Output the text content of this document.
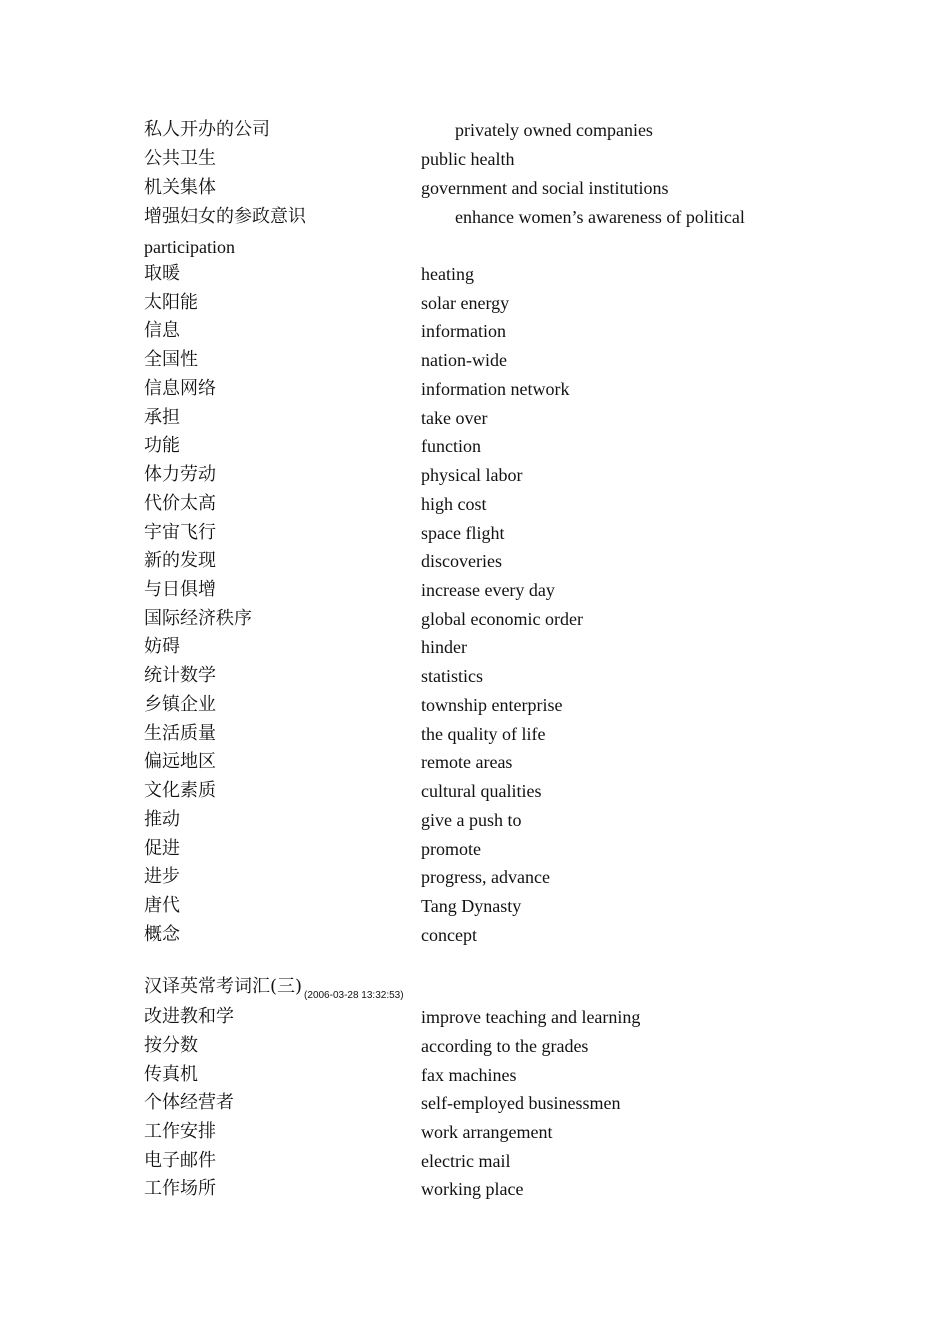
私人开办的公司	privately owned companies
公共卫生	public health
机关集体	government and social institutions
增强妇女的参政意识	enhance women’s awareness of political
participation
取暖	heating
太阳能	solar energy
信息	information
全国性	nation-wide
信息网络	information network
承担	take over
功能	function
体力劳动	physical labor
代价太高	high cost
宇宙飞行	space flight
新的发现	discoveries
与日俱增	increase every day
国际经济秩序	global economic order
妨碍	hinder
统计数学	statistics
乡镇企业	township enterprise
生活质量	the quality of life
偏远地区	remote areas
文化素质	cultural qualities
推动	give a push to
促进	promote
进步	progress, advance
唐代	Tang Dynasty
概念	concept
汉译英常考词汇(三) $_{(2006-03-28 13:32:53)}$
改进教和学	improve teaching and learning
按分数	according to the grades
传真机	fax machines
个体经营者	self-employed businessmen
工作安排	work arrangement
电子邮件	electric mail
工作场所	working place
